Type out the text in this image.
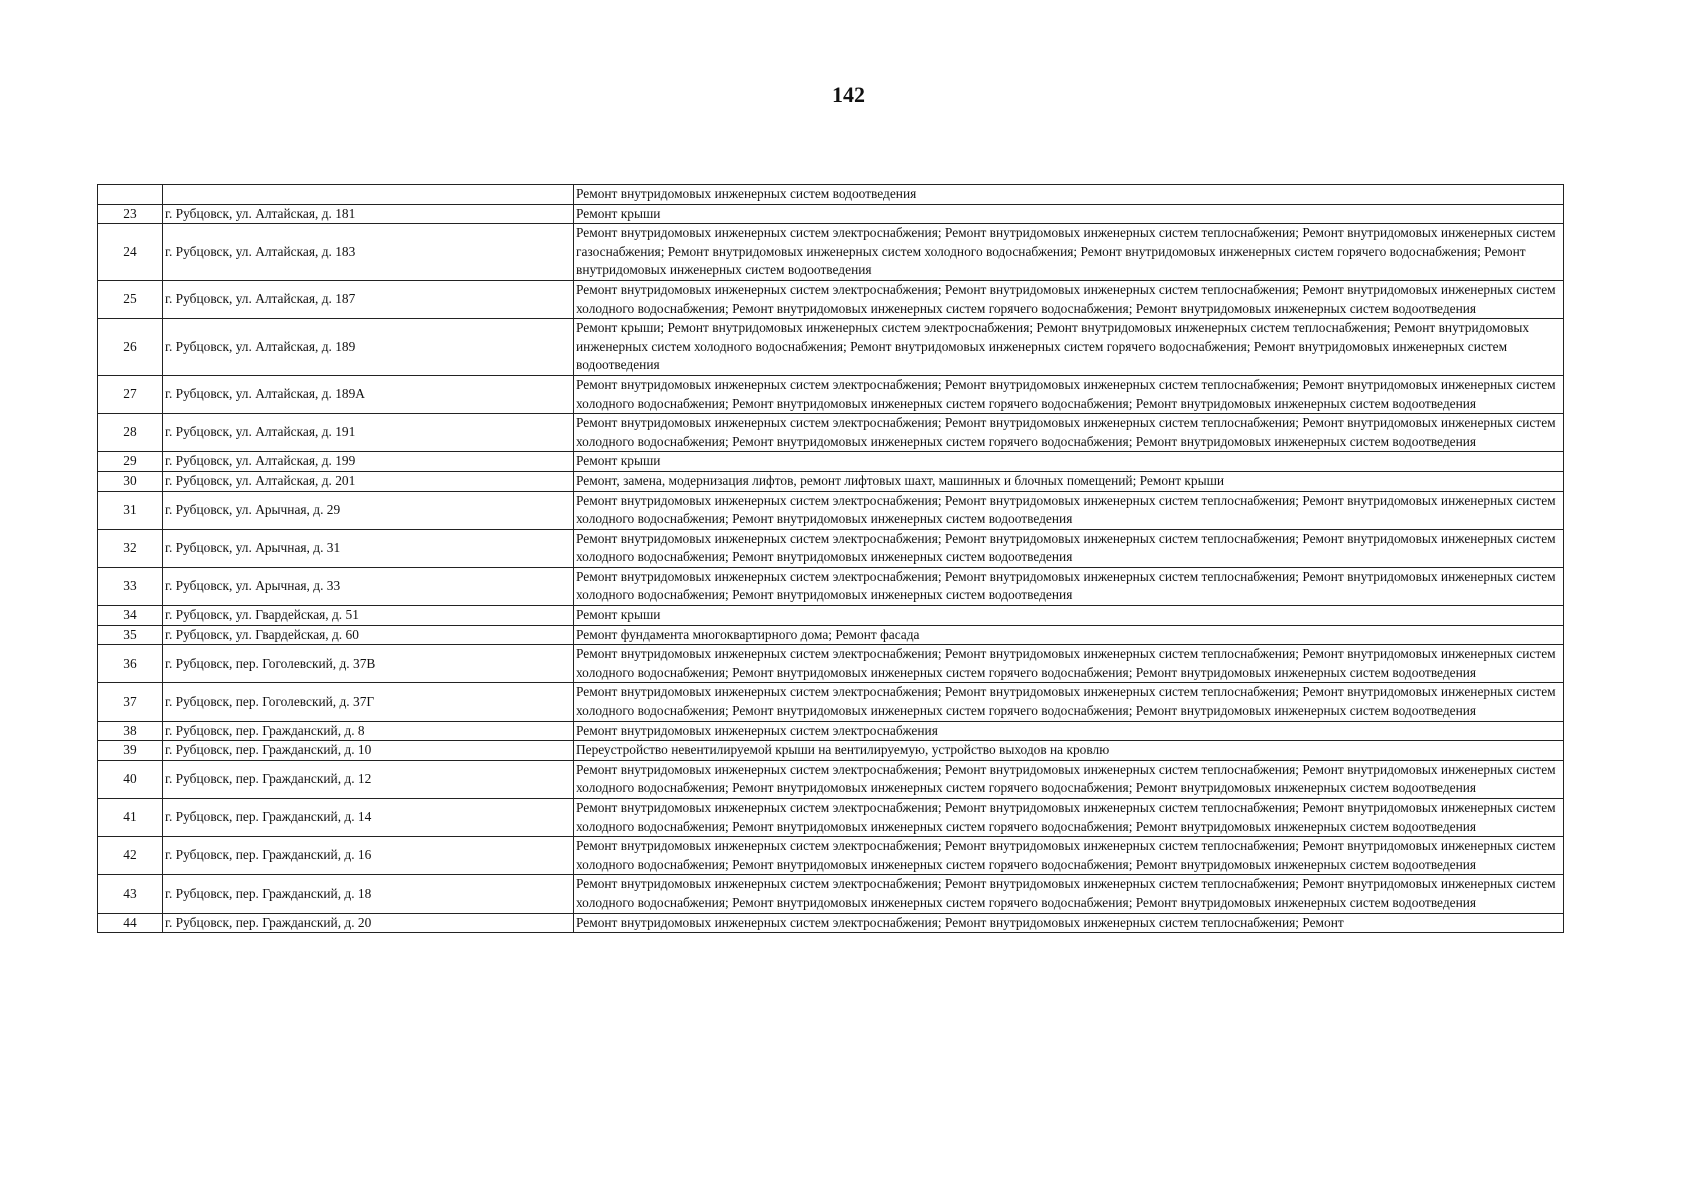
142
		Ремонт внутридомовых инженерных систем водоотведения
23	г. Рубцовск, ул. Алтайская, д. 181	Ремонт крыши
24	г. Рубцовск, ул. Алтайская, д. 183	Ремонт внутридомовых инженерных систем электроснабжения; Ремонт внутридомовых инженерных систем теплоснабжения; Ремонт внутридомовых инженерных систем газоснабжения; Ремонт внутридомовых инженерных систем холодного водоснабжения; Ремонт внутридомовых инженерных систем горячего водоснабжения; Ремонт внутридомовых инженерных систем водоотведения
25	г. Рубцовск, ул. Алтайская, д. 187	Ремонт внутридомовых инженерных систем электроснабжения; Ремонт внутридомовых инженерных систем теплоснабжения; Ремонт внутридомовых инженерных систем холодного водоснабжения; Ремонт внутридомовых инженерных систем горячего водоснабжения; Ремонт внутридомовых инженерных систем водоотведения
26	г. Рубцовск, ул. Алтайская, д. 189	Ремонт крыши; Ремонт внутридомовых инженерных систем электроснабжения; Ремонт внутридомовых инженерных систем теплоснабжения; Ремонт внутридомовых инженерных систем холодного водоснабжения; Ремонт внутридомовых инженерных систем горячего водоснабжения; Ремонт внутридомовых инженерных систем водоотведения
27	г. Рубцовск, ул. Алтайская, д. 189А	Ремонт внутридомовых инженерных систем электроснабжения; Ремонт внутридомовых инженерных систем теплоснабжения; Ремонт внутридомовых инженерных систем холодного водоснабжения; Ремонт внутридомовых инженерных систем горячего водоснабжения; Ремонт внутридомовых инженерных систем водоотведения
28	г. Рубцовск, ул. Алтайская, д. 191	Ремонт внутридомовых инженерных систем электроснабжения; Ремонт внутридомовых инженерных систем теплоснабжения; Ремонт внутридомовых инженерных систем холодного водоснабжения; Ремонт внутридомовых инженерных систем горячего водоснабжения; Ремонт внутридомовых инженерных систем водоотведения
29	г. Рубцовск, ул. Алтайская, д. 199	Ремонт крыши
30	г. Рубцовск, ул. Алтайская, д. 201	Ремонт, замена, модернизация лифтов, ремонт лифтовых шахт, машинных и блочных помещений; Ремонт крыши
31	г. Рубцовск, ул. Арычная, д. 29	Ремонт внутридомовых инженерных систем электроснабжения; Ремонт внутридомовых инженерных систем теплоснабжения; Ремонт внутридомовых инженерных систем холодного водоснабжения; Ремонт внутридомовых инженерных систем водоотведения
32	г. Рубцовск, ул. Арычная, д. 31	Ремонт внутридомовых инженерных систем электроснабжения; Ремонт внутридомовых инженерных систем теплоснабжения; Ремонт внутридомовых инженерных систем холодного водоснабжения; Ремонт внутридомовых инженерных систем водоотведения
33	г. Рубцовск, ул. Арычная, д. 33	Ремонт внутридомовых инженерных систем электроснабжения; Ремонт внутридомовых инженерных систем теплоснабжения; Ремонт внутридомовых инженерных систем холодного водоснабжения; Ремонт внутридомовых инженерных систем водоотведения
34	г. Рубцовск, ул. Гвардейская, д. 51	Ремонт крыши
35	г. Рубцовск, ул. Гвардейская, д. 60	Ремонт фундамента многоквартирного дома; Ремонт фасада
36	г. Рубцовск, пер. Гоголевский, д. 37В	Ремонт внутридомовых инженерных систем электроснабжения; Ремонт внутридомовых инженерных систем теплоснабжения; Ремонт внутридомовых инженерных систем холодного водоснабжения; Ремонт внутридомовых инженерных систем горячего водоснабжения; Ремонт внутридомовых инженерных систем водоотведения
37	г. Рубцовск, пер. Гоголевский, д. 37Г	Ремонт внутридомовых инженерных систем электроснабжения; Ремонт внутридомовых инженерных систем теплоснабжения; Ремонт внутридомовых инженерных систем холодного водоснабжения; Ремонт внутридомовых инженерных систем горячего водоснабжения; Ремонт внутридомовых инженерных систем водоотведения
38	г. Рубцовск, пер. Гражданский, д. 8	Ремонт внутридомовых инженерных систем электроснабжения
39	г. Рубцовск, пер. Гражданский, д. 10	Переустройство невентилируемой крыши на вентилируемую, устройство выходов на кровлю
40	г. Рубцовск, пер. Гражданский, д. 12	Ремонт внутридомовых инженерных систем электроснабжения; Ремонт внутридомовых инженерных систем теплоснабжения; Ремонт внутридомовых инженерных систем холодного водоснабжения; Ремонт внутридомовых инженерных систем горячего водоснабжения; Ремонт внутридомовых инженерных систем водоотведения
41	г. Рубцовск, пер. Гражданский, д. 14	Ремонт внутридомовых инженерных систем электроснабжения; Ремонт внутридомовых инженерных систем теплоснабжения; Ремонт внутридомовых инженерных систем холодного водоснабжения; Ремонт внутридомовых инженерных систем горячего водоснабжения; Ремонт внутридомовых инженерных систем водоотведения
42	г. Рубцовск, пер. Гражданский, д. 16	Ремонт внутридомовых инженерных систем электроснабжения; Ремонт внутридомовых инженерных систем теплоснабжения; Ремонт внутридомовых инженерных систем холодного водоснабжения; Ремонт внутридомовых инженерных систем горячего водоснабжения; Ремонт внутридомовых инженерных систем водоотведения
43	г. Рубцовск, пер. Гражданский, д. 18	Ремонт внутридомовых инженерных систем электроснабжения; Ремонт внутридомовых инженерных систем теплоснабжения; Ремонт внутридомовых инженерных систем холодного водоснабжения; Ремонт внутридомовых инженерных систем горячего водоснабжения; Ремонт внутридомовых инженерных систем водоотведения
44	г. Рубцовск, пер. Гражданский, д. 20	Ремонт внутридомовых инженерных систем электроснабжения; Ремонт внутридомовых инженерных систем теплоснабжения; Ремонт
